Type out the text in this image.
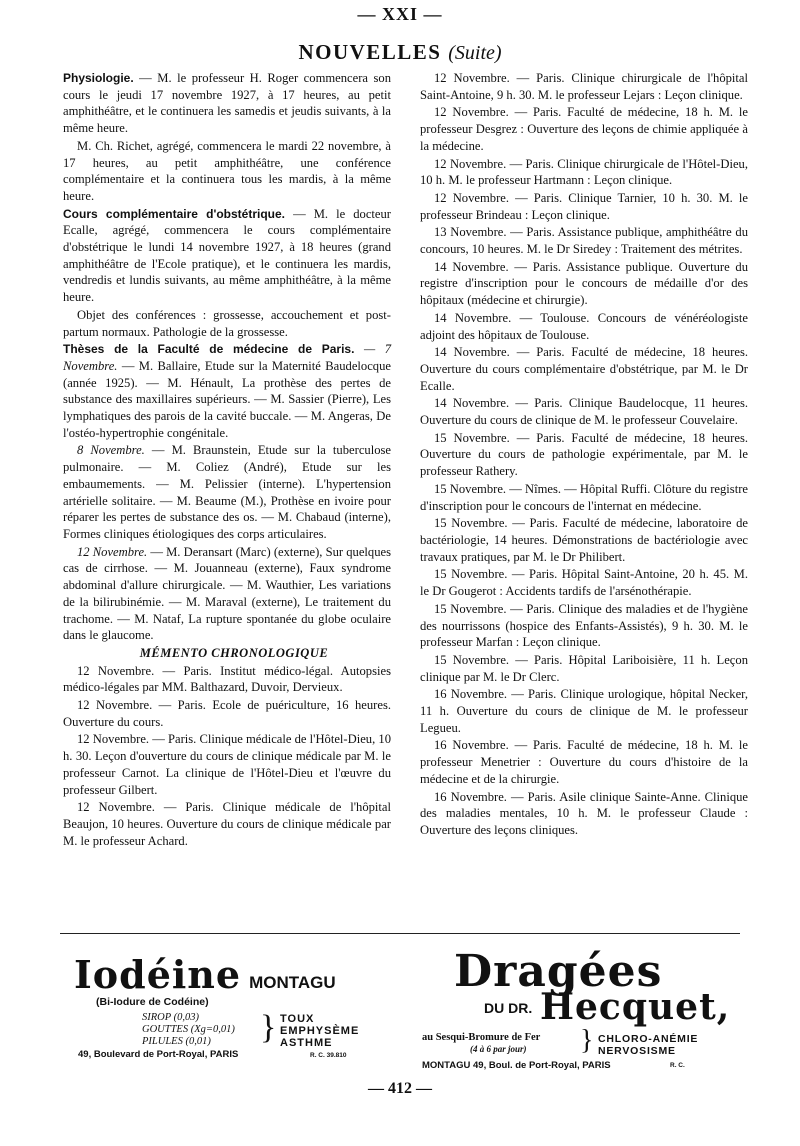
— XXI —
NOUVELLES (Suite)

Physiologie. — M. le professeur H. Roger commencera son cours le jeudi 17 novembre 1927, à 17 heures, au petit amphithéâtre, et le continuera les samedis et jeudis suivants, à la même heure.

M. Ch. Richet, agrégé, commencera le mardi 22 novembre, à 17 heures, au petit amphithéâtre, une conférence complémentaire et la continuera tous les mardis, à la même heure.

Cours complémentaire d'obstétrique. — M. le docteur Ecalle, agrégé, commencera le cours complémentaire d'obstétrique le lundi 14 novembre 1927, à 18 heures (grand amphithéâtre de l'Ecole pratique), et le continuera les mardis, vendredis et lundis suivants, au même amphithéâtre, à la même heure.

Objet des conférences : grossesse, accouchement et post-partum normaux. Pathologie de la grossesse.

Thèses de la Faculté de médecine de Paris. — 7 Novembre. — M. Ballaire, Etude sur la Maternité Baudelocque (année 1925). — M. Hénault, La prothèse des pertes de substance des maxillaires supérieurs. — M. Sassier (Pierre), Les lymphatiques des parois de la cavité buccale. — M. Angeras, De l'ostéo-hypertrophie congénitale.

8 Novembre. — M. Braunstein, Etude sur la tuberculose pulmonaire. — M. Coliez (André), Etude sur les embaumements. — M. Pelissier (interne). L'hypertension artérielle solitaire. — M. Beaume (M.), Prothèse en ivoire pour réparer les pertes de substance des os. — M. Chabaud (interne), Formes cliniques étiologiques des corps articulaires.

12 Novembre. — M. Deransart (Marc) (externe), Sur quelques cas de cirrhose. — M. Jouanneau (externe), Faux syndrome abdominal d'allure chirurgicale. — M. Wauthier, Les variations de la bilirubinémie. — M. Maraval (externe), Le traitement du trachome. — M. Nataf, La rupture spontanée du globe oculaire dans le glaucome.

MÉMENTO CHRONOLOGIQUE

12 Novembre. — Paris. Institut médico-légal. Autopsies médico-légales par MM. Balthazard, Duvoir, Dervieux.

12 Novembre. — Paris. Ecole de puériculture, 16 heures. Ouverture du cours.

12 Novembre. — Paris. Clinique médicale de l'Hôtel-Dieu, 10 h. 30. Leçon d'ouverture du cours de clinique médicale par M. le professeur Carnot. La clinique de l'Hôtel-Dieu et l'œuvre du professeur Gilbert.

12 Novembre. — Paris. Clinique médicale de l'hôpital Beaujon, 10 heures. Ouverture du cours de clinique médicale par M. le professeur Achard.

12 Novembre. — Paris. Clinique chirurgicale de l'hôpital Saint-Antoine, 9 h. 30. M. le professeur Lejars : Leçon clinique.

12 Novembre. — Paris. Faculté de médecine, 18 h. M. le professeur Desgrez : Ouverture des leçons de chimie appliquée à la médecine.

12 Novembre. — Paris. Clinique chirurgicale de l'Hôtel-Dieu, 10 h. M. le professeur Hartmann : Leçon clinique.

12 Novembre. — Paris. Clinique Tarnier, 10 h. 30. M. le professeur Brindeau : Leçon clinique.

13 Novembre. — Paris. Assistance publique, amphithéâtre du concours, 10 heures. M. le Dr Siredey : Traitement des métrites.

14 Novembre. — Paris. Assistance publique. Ouverture du registre d'inscription pour le concours de médaille d'or des hôpitaux (médecine et chirurgie).

14 Novembre. — Toulouse. Concours de vénéréologiste adjoint des hôpitaux de Toulouse.

14 Novembre. — Paris. Faculté de médecine, 18 heures. Ouverture du cours complémentaire d'obstétrique, par M. le Dr Ecalle.

14 Novembre. — Paris. Clinique Baudelocque, 11 heures. Ouverture du cours de clinique de M. le professeur Couvelaire.

15 Novembre. — Paris. Faculté de médecine, 18 heures. Ouverture du cours de pathologie expérimentale, par M. le professeur Rathery.

15 Novembre. — Nîmes. — Hôpital Ruffi. Clôture du registre d'inscription pour le concours de l'internat en médecine.

15 Novembre. — Paris. Faculté de médecine, laboratoire de bactériologie, 14 heures. Démonstrations de bactériologie avec travaux pratiques, par M. le Dr Philibert.

15 Novembre. — Paris. Hôpital Saint-Antoine, 20 h. 45. M. le Dr Gougerot : Accidents tardifs de l'arsénothérapie.

15 Novembre. — Paris. Clinique des maladies et de l'hygiène des nourrissons (hospice des Enfants-Assistés), 9 h. 30. M. le professeur Marfan : Leçon clinique.

15 Novembre. — Paris. Hôpital Lariboisière, 11 h. Leçon clinique par M. le Dr Clerc.

16 Novembre. — Paris. Clinique urologique, hôpital Necker, 11 h. Ouverture du cours de clinique de M. le professeur Legueu.

16 Novembre. — Paris. Faculté de médecine, 18 h. M. le professeur Menetrier : Ouverture du cours d'histoire de la médecine et de la chirurgie.

16 Novembre. — Paris. Asile clinique Sainte-Anne. Clinique des maladies mentales, 10 h. M. le professeur Claude : Ouverture des leçons cliniques.

Iodéine MONTAGU
(Bi-Iodure de Codéine)
SIROP (0,03)
GOUTTES (Xg=0,01)
PILULES (0,01)	} TOUX
EMPHYSÈME
ASTHME
49, Boulevard de Port-Royal, PARIS	R. C. 39.810
Dragées
DU DR. Hecquet,
au Sesqui-Bromure de Fer
(4 à 6 par jour) } CHLORO-ANÉMIE
NERVOSISME
MONTAGU 49, Boul. de Port-Royal, PARIS	R. C.
— 412 —
